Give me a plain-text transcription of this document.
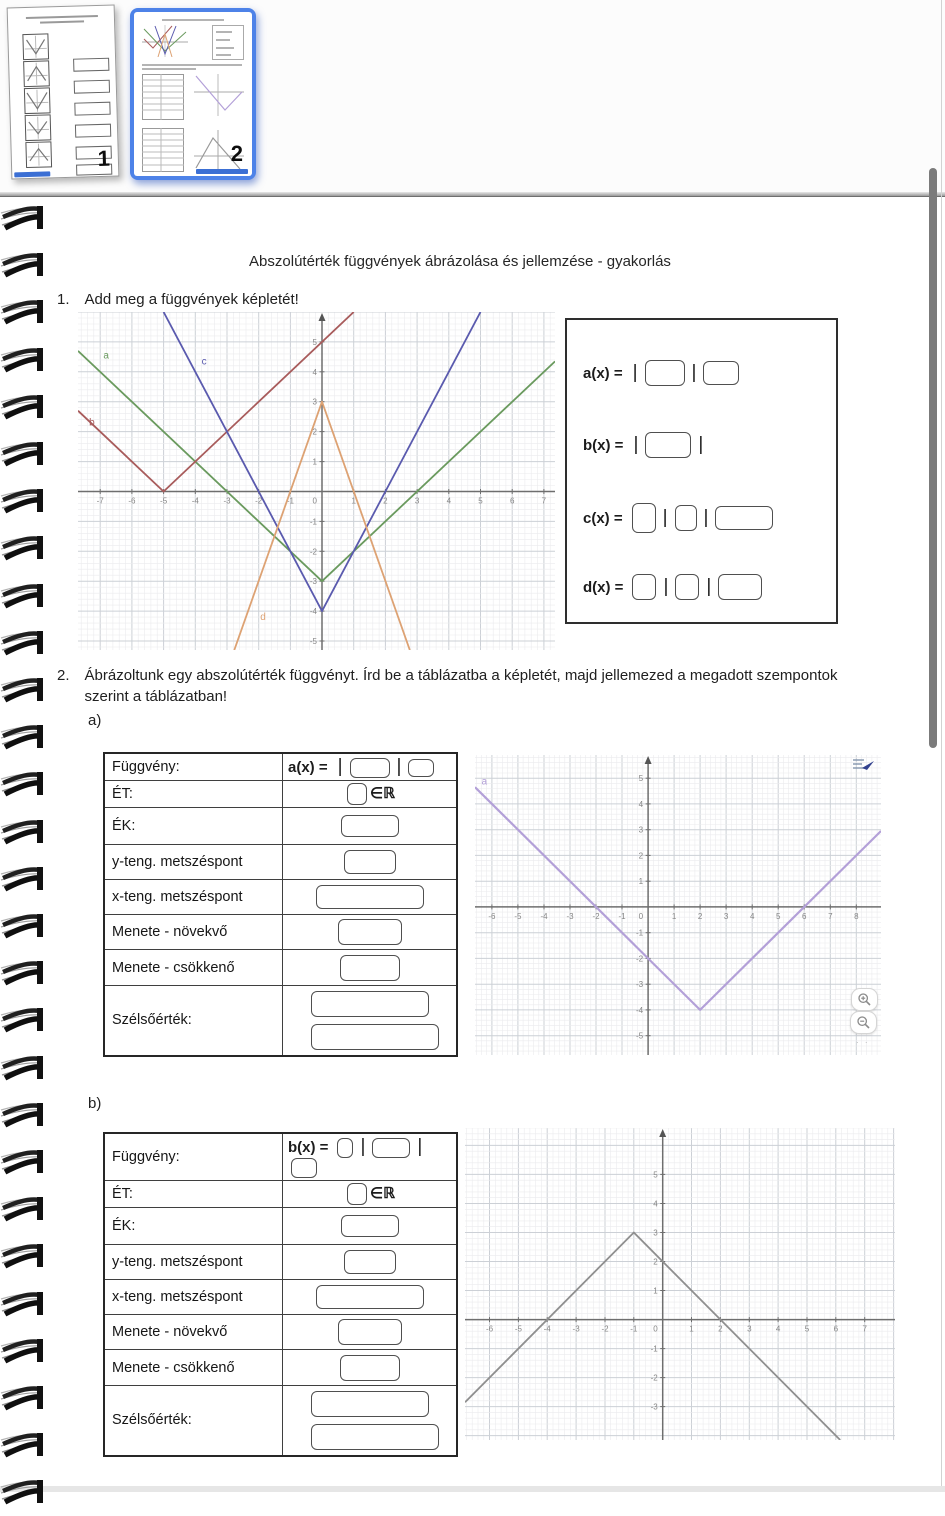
1	2
Abszolútérték függvények ábrázolása és jellemzése - gyakorlás
1. Add meg a függvények képletét!
-7	-6	-5	-4	-3	-2	-1	1	2	3	4	5	6	7
5
4
3
2
1
-1
-2
-3
-4
-5
0
a
b
c
d
a(x) = |	|
b(x) = |	|
c(x) = | |
d(x) = | |
2. Ábrázoltunk egy abszolútérték függvényt. Írd be a táblázatba a képletét, majd jellemezed a megadott szempontok szerint a táblázatban!
a)
Függvény:	a(x) = | |
ÉT:	∈ℝ
ÉK:	
y-teng. metszéspont	
x-teng. metszéspont	
Menete - növekvő	
Menete - csökkenő	
Szélsőérték:	
-6 -5 -4 -3 -2 -1	1	2	3	4	5	6	7	8
5
4
3
2
1
-1
-2
-3
-4
-5
0
a
· ·
b)
Függvény:	b(x) = | |
ÉT:	∈ℝ
ÉK:	
y-teng. metszéspont	
x-teng. metszéspont	
Menete - növekvő	
Menete - csökkenő	
Szélsőérték:	
-6	-5	-4	-3	-2	-1	1	2	3	4	5	6	7
5
4
3
2
1
-1
-2
-3
0
